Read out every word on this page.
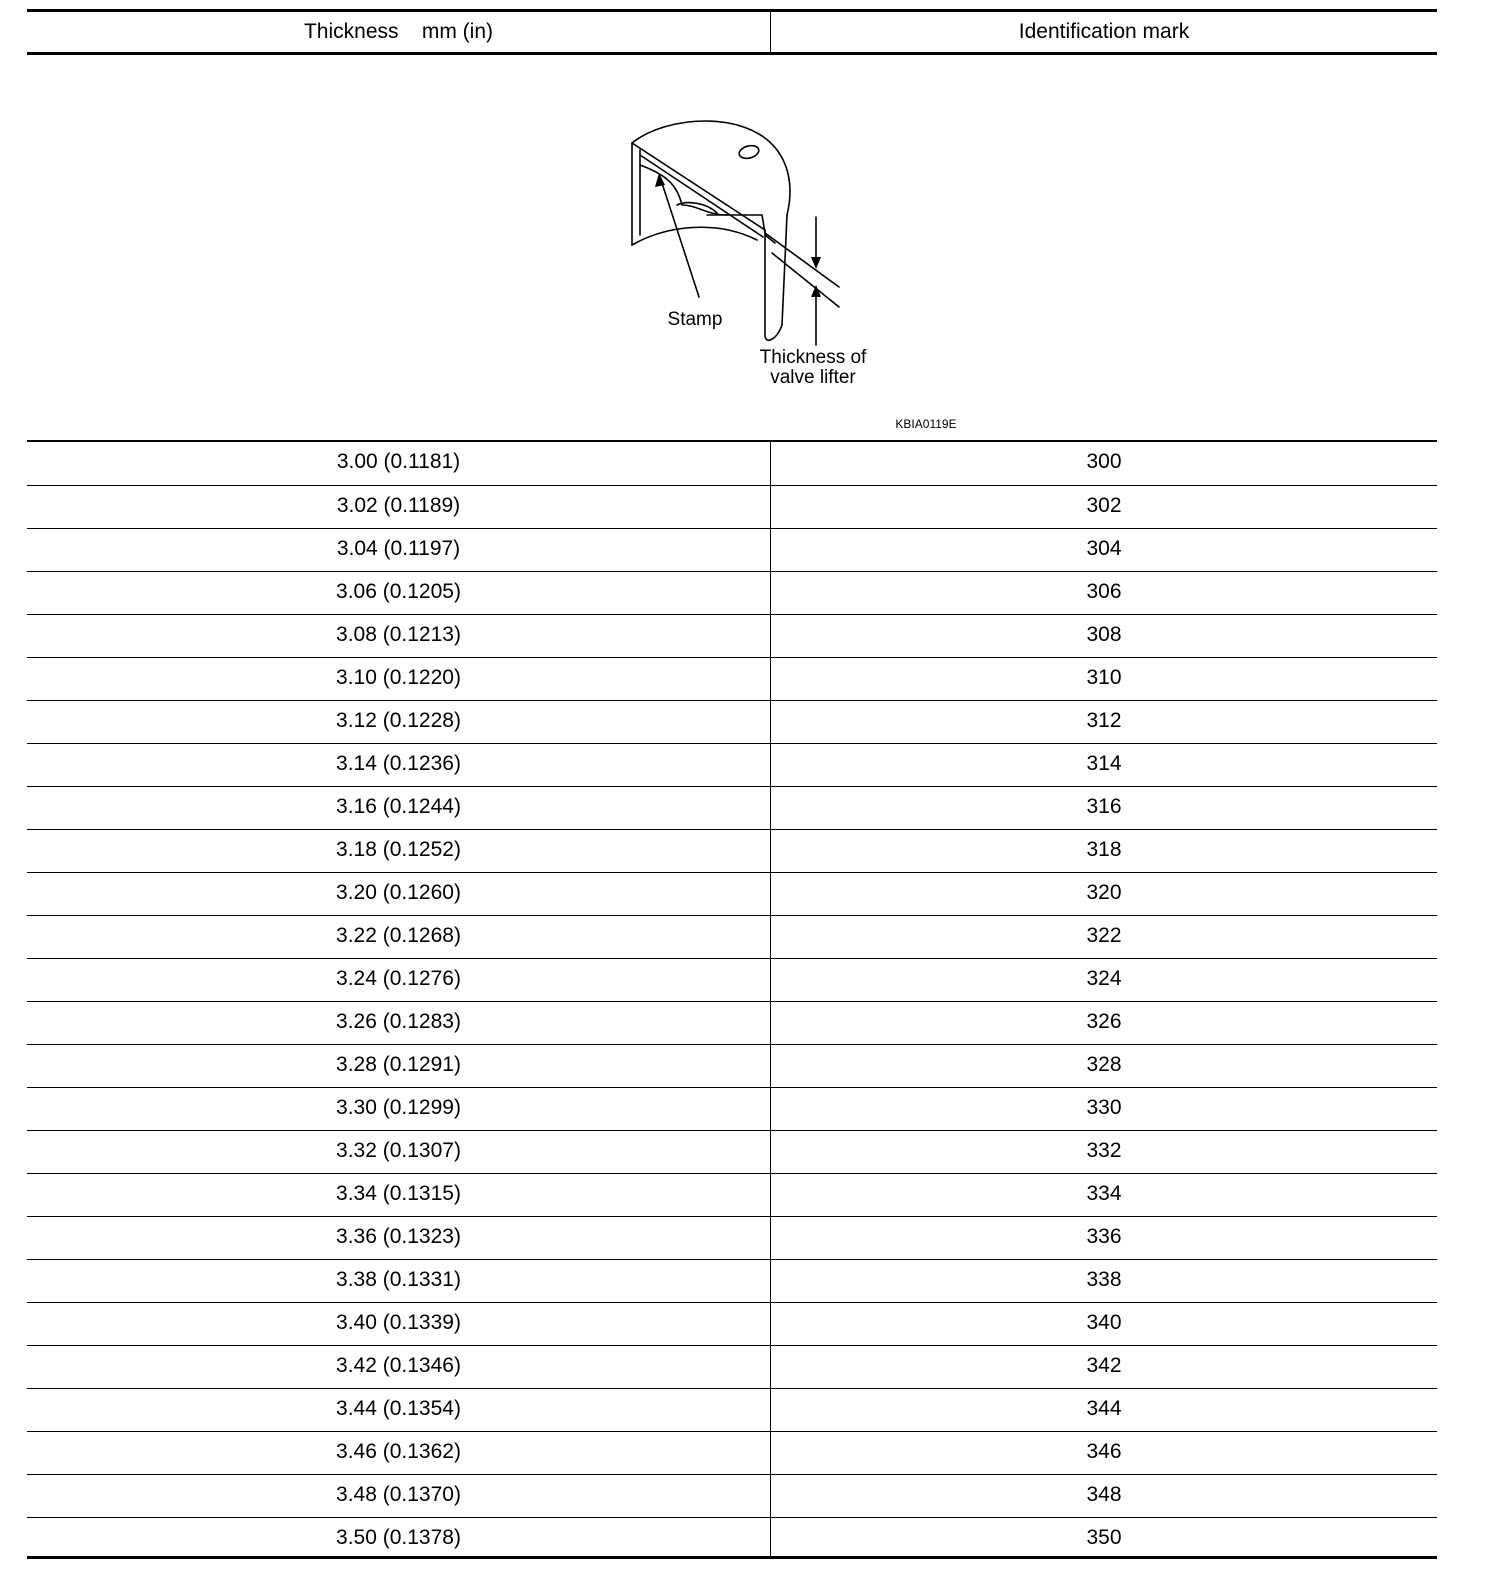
Thickness    mm (in)	Identification mark
Stamp
Thickness of
valve lifter
KBIA0119E
3.00 (0.1181)	300
3.02 (0.1189)	302
3.04 (0.1197)	304
3.06 (0.1205)	306
3.08 (0.1213)	308
3.10 (0.1220)	310
3.12 (0.1228)	312
3.14 (0.1236)	314
3.16 (0.1244)	316
3.18 (0.1252)	318
3.20 (0.1260)	320
3.22 (0.1268)	322
3.24 (0.1276)	324
3.26 (0.1283)	326
3.28 (0.1291)	328
3.30 (0.1299)	330
3.32 (0.1307)	332
3.34 (0.1315)	334
3.36 (0.1323)	336
3.38 (0.1331)	338
3.40 (0.1339)	340
3.42 (0.1346)	342
3.44 (0.1354)	344
3.46 (0.1362)	346
3.48 (0.1370)	348
3.50 (0.1378)	350
